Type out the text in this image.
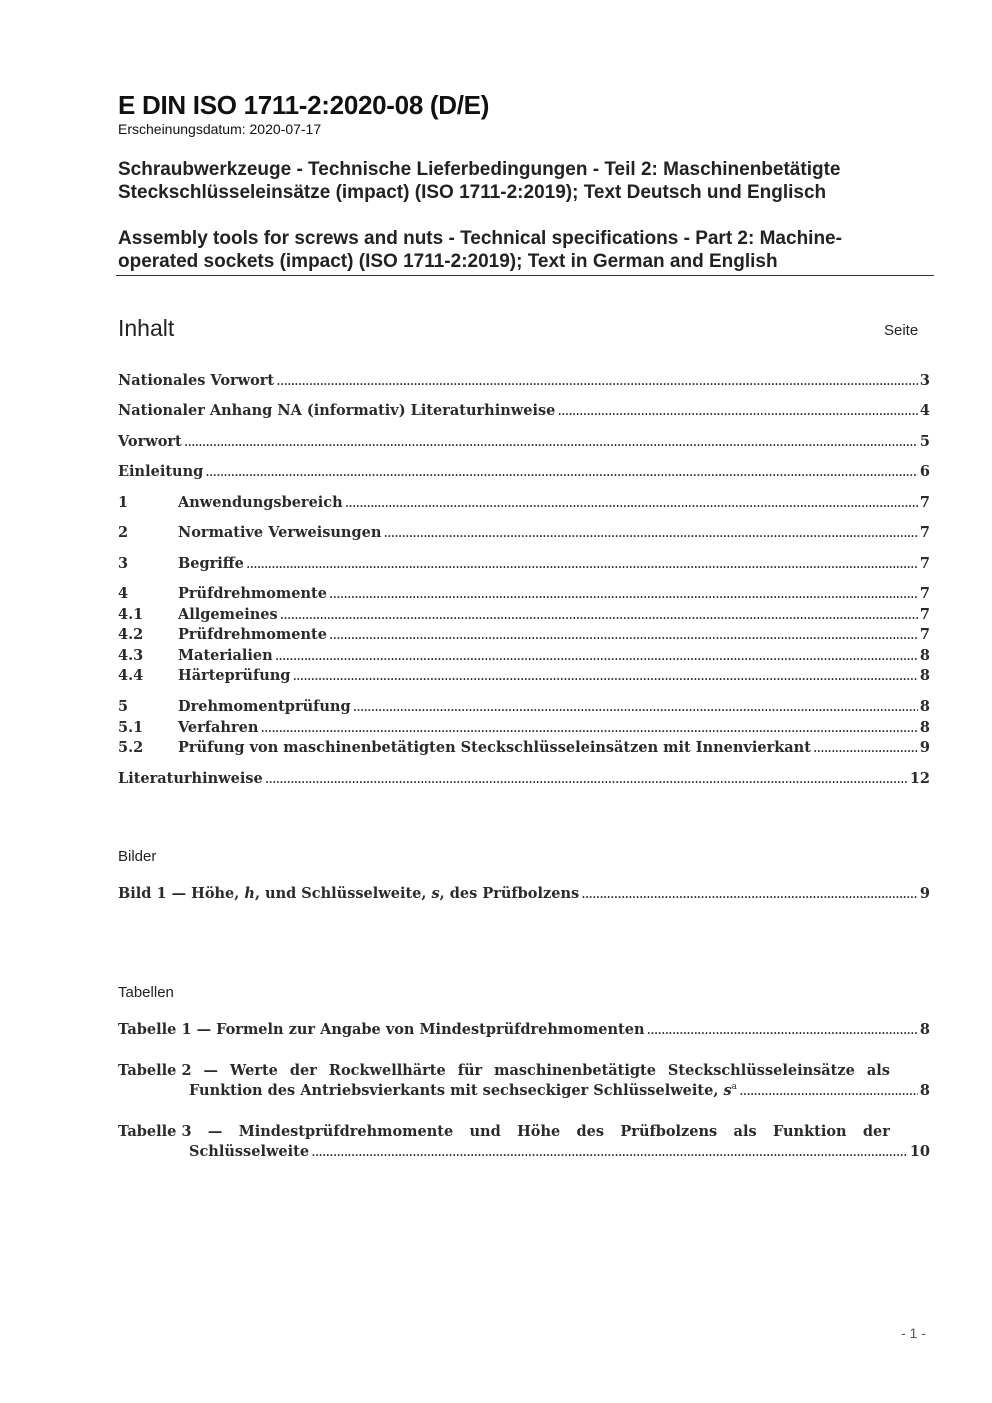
E DIN ISO 1711-2:2020-08 (D/E)
Erscheinungsdatum: 2020-07-17
Schraubwerkzeuge - Technische Lieferbedingungen - Teil 2: Maschinenbetätigte Steckschlüsseleinsätze (impact) (ISO 1711-2:2019); Text Deutsch und Englisch
Assembly tools for screws and nuts - Technical specifications - Part 2: Machine-operated sockets (impact) (ISO 1711-2:2019); Text in German and English
Inhalt	Seite
Nationales Vorwort .....	3
Nationaler Anhang NA (informativ) Literaturhinweise .....	4
Vorwort .....	5
Einleitung .....	6
1	Anwendungsbereich .....	7
2	Normative Verweisungen .....	7
3	Begriffe .....	7
4	Prüfdrehmomente .....	7
4.1	Allgemeines .....	7
4.2	Prüfdrehmomente .....	7
4.3	Materialien .....	8
4.4	Härteprüfung .....	8
5	Drehmomentprüfung .....	8
5.1	Verfahren .....	8
5.2	Prüfung von maschinenbetätigten Steckschlüsseleinsätzen mit Innenvierkant .....	9
Literaturhinweise .....	12
Bilder
Bild 1 — Höhe, h, und Schlüsselweite, s, des Prüfbolzens .....	9
Tabellen
Tabelle 1 — Formeln zur Angabe von Mindestprüfdrehmomenten .....	8
Tabelle 2 — Werte der Rockwellhärte für maschinenbetätigte Steckschlüsseleinsätze als
Funktion des Antriebsvierkants mit sechseckiger Schlüsselweite, $s^a$ .....	8
Tabelle 3 — Mindestprüfdrehmomente und Höhe des Prüfbolzens als Funktion der
Schlüsselweite .....	10
- 1 -
